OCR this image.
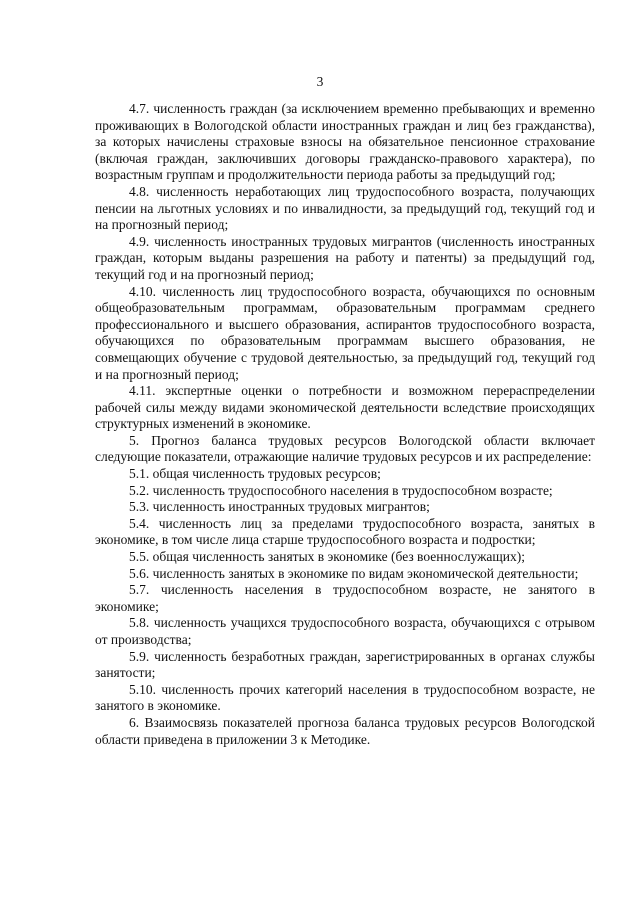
3

4.7. численность граждан (за исключением временно пребывающих и временно проживающих в Вологодской области иностранных граждан и лиц без гражданства), за которых начислены страховые взносы на обязательное пенсионное страхование (включая граждан, заключивших договоры гражданско-правового характера), по возрастным группам и продолжительности периода работы за предыдущий год;

4.8. численность неработающих лиц трудоспособного возраста, получающих пенсии на льготных условиях и по инвалидности, за предыдущий год, текущий год и на прогнозный период;

4.9. численность иностранных трудовых мигрантов (численность иностранных граждан, которым выданы разрешения на работу и патенты) за предыдущий год, текущий год и на прогнозный период;

4.10. численность лиц трудоспособного возраста, обучающихся по основным общеобразовательным программам, образовательным программам среднего профессионального и высшего образования, аспирантов трудоспособного возраста, обучающихся по образовательным программам высшего образования, не совмещающих обучение с трудовой деятельностью, за предыдущий год, текущий год и на прогнозный период;

4.11. экспертные оценки о потребности и возможном перераспределении рабочей силы между видами экономической деятельности вследствие происходящих структурных изменений в экономике.

5. Прогноз баланса трудовых ресурсов Вологодской области включает следующие показатели, отражающие наличие трудовых ресурсов и их распределение:

5.1. общая численность трудовых ресурсов;

5.2. численность трудоспособного населения в трудоспособном возрасте;

5.3. численность иностранных трудовых мигрантов;

5.4. численность лиц за пределами трудоспособного возраста, занятых в экономике, в том числе лица старше трудоспособного возраста и подростки;

5.5. общая численность занятых в экономике (без военнослужащих);

5.6. численность занятых в экономике по видам экономической деятельности;

5.7. численность населения в трудоспособном возрасте, не занятого в экономике;

5.8. численность учащихся трудоспособного возраста, обучающихся с отрывом от производства;

5.9. численность безработных граждан, зарегистрированных в органах службы занятости;

5.10. численность прочих категорий населения в трудоспособном возрасте, не занятого в экономике.

6. Взаимосвязь показателей прогноза баланса трудовых ресурсов Вологодской области приведена в приложении 3 к Методике.
